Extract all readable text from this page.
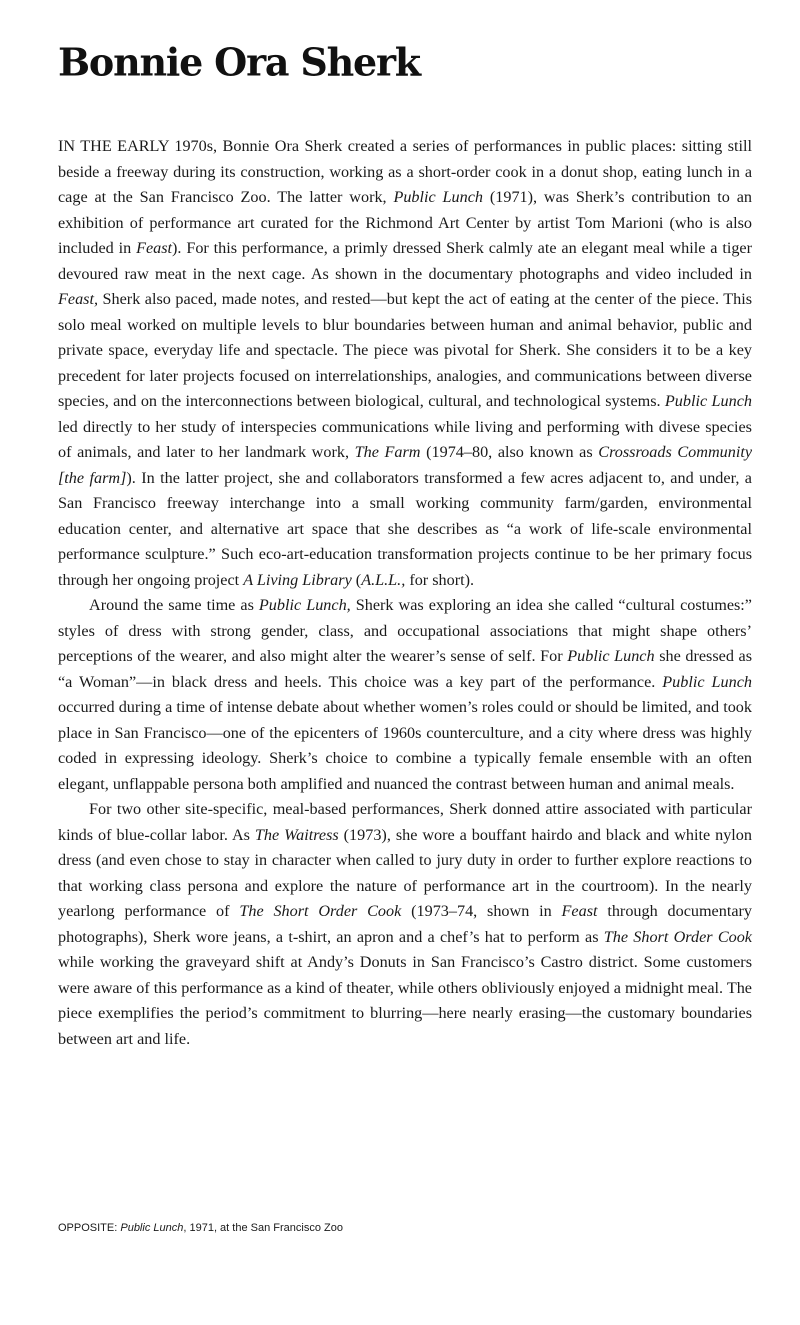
Bonnie Ora Sherk

IN THE EARLY 1970s, Bonnie Ora Sherk created a series of performances in public places: sitting still beside a freeway during its construction, working as a short-order cook in a donut shop, eating lunch in a cage at the San Francisco Zoo. The latter work, Public Lunch (1971), was Sherk’s contribution to an exhibition of performance art curated for the Richmond Art Center by artist Tom Marioni (who is also included in Feast). For this performance, a primly dressed Sherk calmly ate an elegant meal while a tiger devoured raw meat in the next cage. As shown in the documentary photographs and video included in Feast, Sherk also paced, made notes, and rested—but kept the act of eating at the center of the piece. This solo meal worked on multiple levels to blur boundaries between human and animal behavior, public and private space, everyday life and spectacle. The piece was pivotal for Sherk. She considers it to be a key precedent for later projects focused on interrelationships, analogies, and communications between diverse species, and on the interconnections between biological, cultural, and technological systems. Public Lunch led directly to her study of interspecies communications while living and performing with divese species of animals, and later to her landmark work, The Farm (1974–80, also known as Crossroads Community [the farm]). In the latter project, she and collaborators transformed a few acres adjacent to, and under, a San Francisco freeway interchange into a small working community farm/garden, environmental education center, and alternative art space that she describes as “a work of life-scale environmental performance sculpture.” Such eco-art-education transformation projects continue to be her primary focus through her ongoing project A Living Library (A.L.L., for short).

Around the same time as Public Lunch, Sherk was exploring an idea she called “cultural costumes:” styles of dress with strong gender, class, and occupational associations that might shape others’ perceptions of the wearer, and also might alter the wearer’s sense of self. For Public Lunch she dressed as “a Woman”—in black dress and heels. This choice was a key part of the performance. Public Lunch occurred during a time of intense debate about whether women’s roles could or should be limited, and took place in San Francisco—one of the epicenters of 1960s counterculture, and a city where dress was highly coded in expressing ideology. Sherk’s choice to combine a typically female ensemble with an often elegant, unflappable persona both amplified and nuanced the contrast between human and animal meals.

For two other site-specific, meal-based performances, Sherk donned attire associated with particular kinds of blue-collar labor. As The Waitress (1973), she wore a bouffant hairdo and black and white nylon dress (and even chose to stay in character when called to jury duty in order to further explore reactions to that working class persona and explore the nature of performance art in the courtroom). In the nearly yearlong performance of The Short Order Cook (1973–74, shown in Feast through documentary photographs), Sherk wore jeans, a t-shirt, an apron and a chef’s hat to perform as The Short Order Cook while working the graveyard shift at Andy’s Donuts in San Francisco’s Castro district. Some customers were aware of this performance as a kind of theater, while others obliviously enjoyed a midnight meal. The piece exemplifies the period’s commitment to blurring—here nearly erasing—the customary boundaries between art and life.

OPPOSITE: Public Lunch, 1971, at the San Francisco Zoo
